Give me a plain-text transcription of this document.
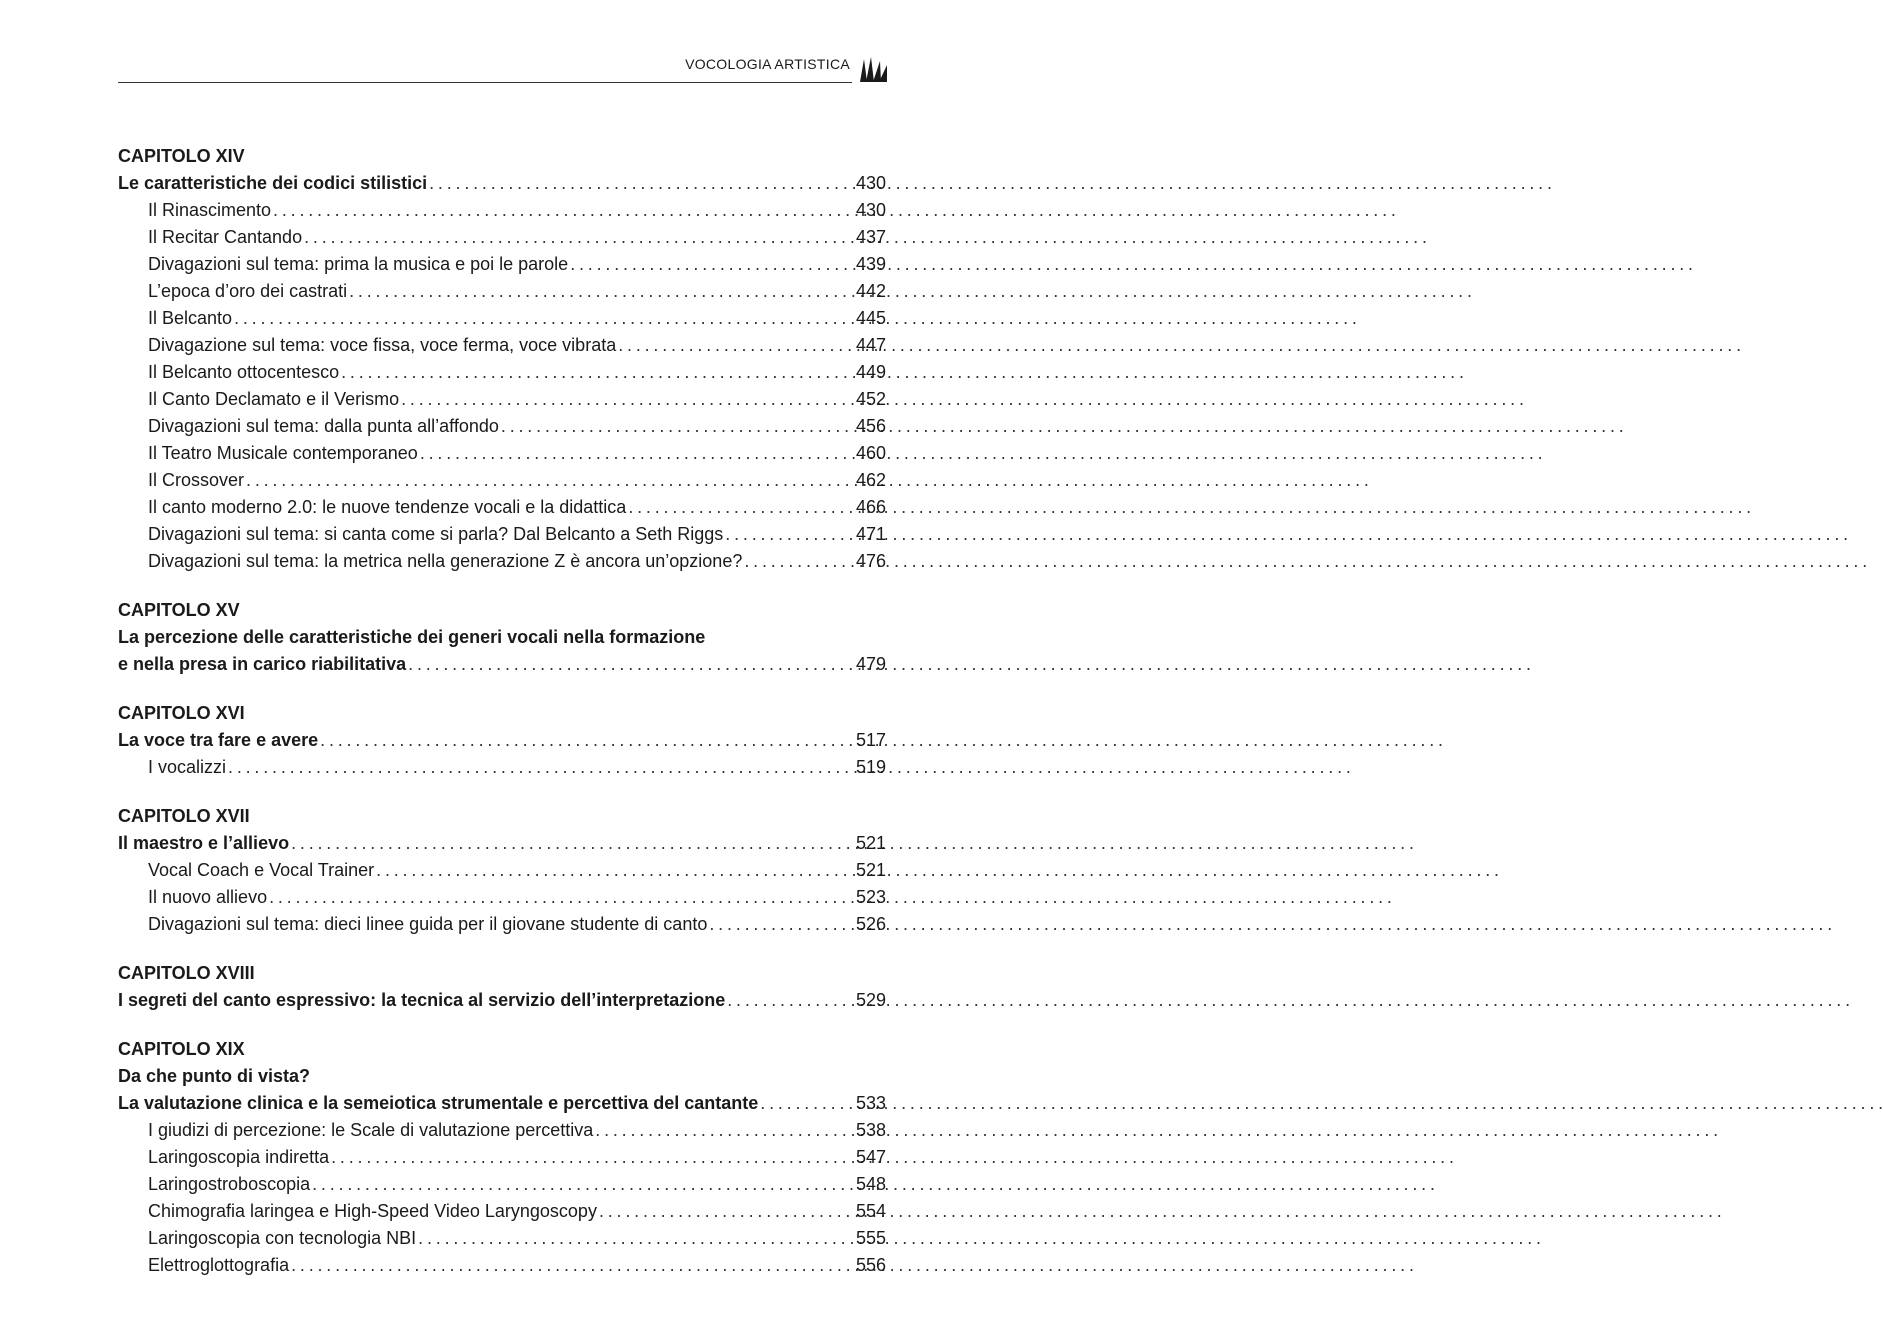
VOCOLOGIA ARTISTICA
CAPITOLO XIV
Le caratteristiche dei codici stilistici . . .	430
Il Rinascimento . . .	430
Il Recitar Cantando . . .	437
Divagazioni sul tema: prima la musica e poi le parole . . .	439
L’epoca d’oro dei castrati . . .	442
Il Belcanto . . .	445
Divagazione sul tema: voce fissa, voce ferma, voce vibrata . . .	447
Il Belcanto ottocentesco . . .	449
Il Canto Declamato e il Verismo . . .	452
Divagazioni sul tema: dalla punta all’affondo . . .	456
Il Teatro Musicale contemporaneo . . .	460
Il Crossover . . .	462
Il canto moderno 2.0: le nuove tendenze vocali e la didattica . . .	466
Divagazioni sul tema: si canta come si parla? Dal Belcanto a Seth Riggs . . .	471
Divagazioni sul tema: la metrica nella generazione Z è ancora un’opzione? . . .	476
CAPITOLO XV
La percezione delle caratteristiche dei generi vocali nella formazione
e nella presa in carico riabilitativa . . .	479
CAPITOLO XVI
La voce tra fare e avere . . .	517
I vocalizzi . . .	519
CAPITOLO XVII
Il maestro e l’allievo . . .	521
Vocal Coach e Vocal Trainer . . .	521
Il nuovo allievo . . .	523
Divagazioni sul tema: dieci linee guida per il giovane studente di canto . . .	526
CAPITOLO XVIII
I segreti del canto espressivo: la tecnica al servizio dell’interpretazione . . .	529
CAPITOLO XIX
Da che punto di vista?
La valutazione clinica e la semeiotica strumentale e percettiva del cantante . . .	533
I giudizi di percezione: le Scale di valutazione percettiva . . .	538
Laringoscopia indiretta . . .	547
Laringostroboscopia . . .	548
Chimografia laringea e High-Speed Video Laryngoscopy . . .	554
Laringoscopia con tecnologia NBI . . .	555
Elettroglottografia . . .	556
